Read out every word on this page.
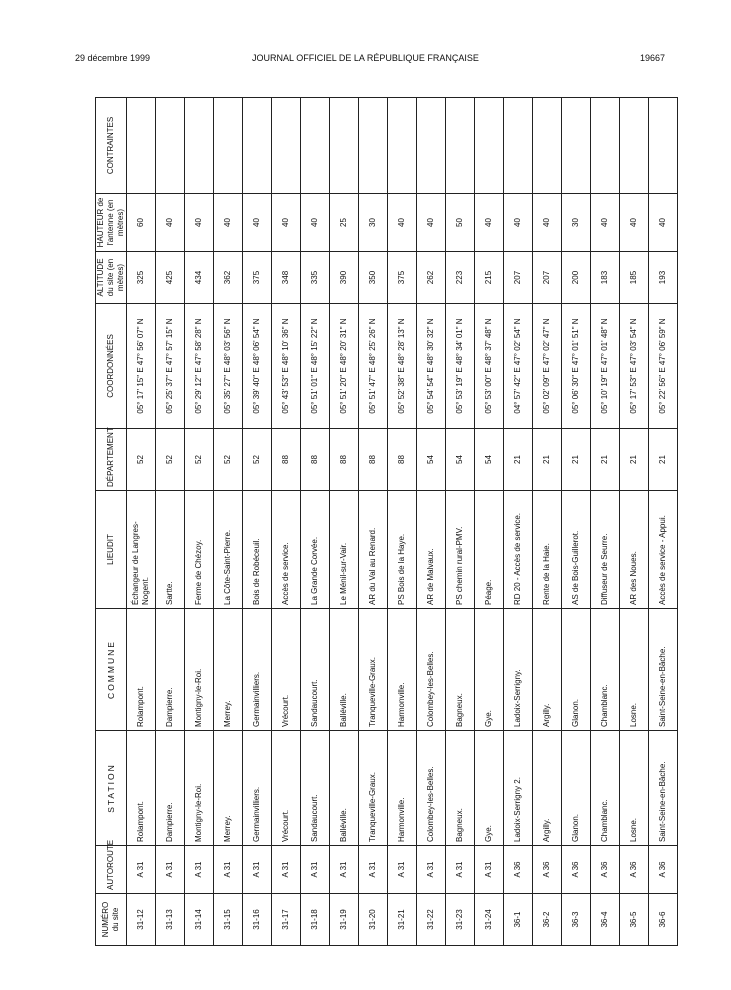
29 décembre 1999	JOURNAL OFFICIEL DE LA RÉPUBLIQUE FRANÇAISE	19667
NUMÉRO du site	AUTOROUTE	STATION	COMMUNE	LIEUDIT	DÉPARTEMENT	COORDONNÉES	ALTITUDE du site (en mètres)	HAUTEUR de l'antenne (en mètres)	CONTRAINTES
31-12	A 31	Rolampont.	Rolampont.	Échangeur de Langres-Nogent.	52	05° 17' 15" E 47° 56' 07" N	325	60	
31-13	A 31	Dampierre.	Dampierre.	Sartte.	52	05° 25' 37" E 47° 57' 15" N	425	40	
31-14	A 31	Montigny-le-Roi.	Montigny-le-Roi.	Ferme de Chézoy.	52	05° 29' 12" E 47° 58' 28" N	434	40	
31-15	A 31	Merrey.	Merrey.	La Côte-Saint-Pierre.	52	05° 35' 27" E 48° 03' 56" N	362	40	
31-16	A 31	Germainvilliers.	Germainvilliers.	Bois de Robéceuil.	52	05° 39' 40" E 48° 06' 54" N	375	40	
31-17	A 31	Vrécourt.	Vrécourt.	Accès de service.	88	05° 43' 53" E 48° 10' 36" N	348	40	
31-18	A 31	Sandaucourt.	Sandaucourt.	La Grande Corvée.	88	05° 51' 01" E 48° 15' 22" N	335	40	
31-19	A 31	Balléville.	Balléville.	Le Ménil-sur-Vair.	88	05° 51' 20" E 48° 20' 31" N	390	25	
31-20	A 31	Tranqueville-Graux.	Tranqueville-Graux.	AR du Val au Renard.	88	05° 51' 47" E 48° 25' 26" N	350	30	
31-21	A 31	Harmonville.	Harmonville.	PS Bois de la Haye.	88	05° 52' 38" E 48° 28' 13" N	375	40	
31-22	A 31	Colombey-les-Belles.	Colombey-les-Belles.	AR de Malvaux.	54	05° 54' 54" E 48° 30' 32" N	262	40	
31-23	A 31	Bagneux.	Bagneux.	PS chemin rural-PMV.	54	05° 53' 19" E 48° 34' 01" N	223	50	
31-24	A 31	Gye.	Gye.	Péage.	54	05° 53' 00" E 48° 37' 48" N	215	40	
36-1	A 36	Ladoix-Serrigny 2.	Ladoix-Serrigny.	RD 20 - Accès de service.	21	04° 57' 42" E 47° 02' 54" N	207	40	
36-2	A 36	Argilly.	Argilly.	Rente de la Haie.	21	05° 02' 09" E 47° 02' 47" N	207	40	
36-3	A 36	Glanon.	Glanon.	AS de Bois-Guillerot.	21	05° 06' 30" E 47° 01' 51" N	200	30	
36-4	A 36	Chamblanc.	Chamblanc.	Diffuseur de Seurre.	21	05° 10' 19" E 47° 01' 48" N	183	40	
36-5	A 36	Losne.	Losne.	AR des Noues.	21	05° 17' 53" E 47° 03' 54" N	185	40	
36-6	A 36	Saint-Seine-en-Bâche.	Saint-Seine-en-Bâche.	Accès de service - Appui.	21	05° 22' 56" E 47° 06' 59" N	193	40	
